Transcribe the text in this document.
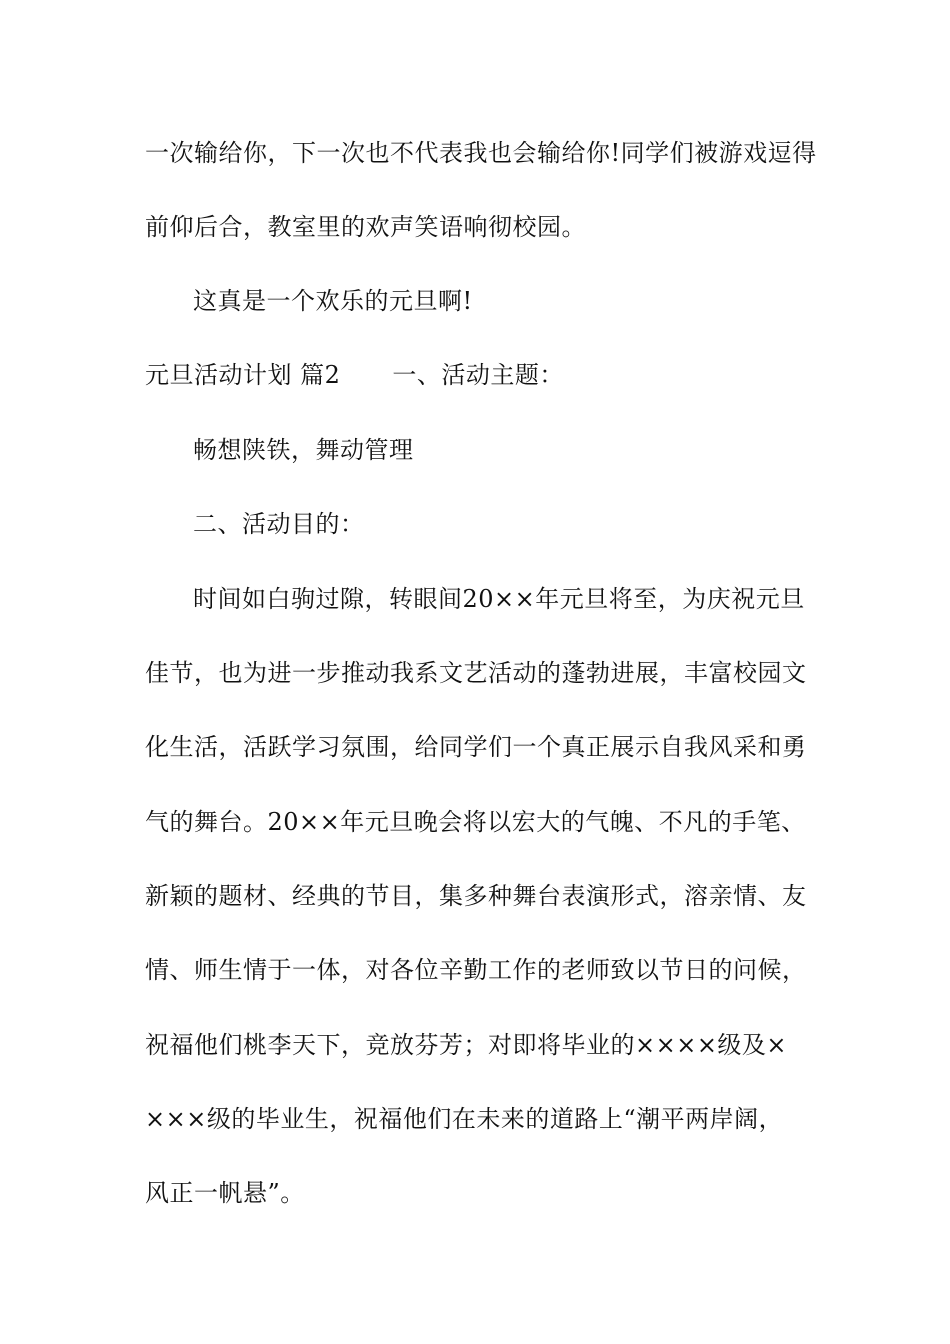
一次输给你，下一次也不代表我也会输给你!同学们被游戏逗得
前仰后合，教室里的欢声笑语响彻校园。
这真是一个欢乐的元旦啊!
元旦活动计划 篇2 一、活动主题：
畅想陕铁，舞动管理
二、活动目的：
时间如白驹过隙，转眼间20××年元旦将至，为庆祝元旦
佳节，也为进一步推动我系文艺活动的蓬勃进展，丰富校园文
化生活，活跃学习氛围，给同学们一个真正展示自我风采和勇
气的舞台。20××年元旦晚会将以宏大的气魄、不凡的手笔、
新颖的题材、经典的节目，集多种舞台表演形式，溶亲情、友
情、师生情于一体，对各位辛勤工作的老师致以节日的问候，
祝福他们桃李天下，竞放芬芳；对即将毕业的××××级及×
×××级的毕业生，祝福他们在未来的道路上“潮平两岸阔，
风正一帆悬”。
